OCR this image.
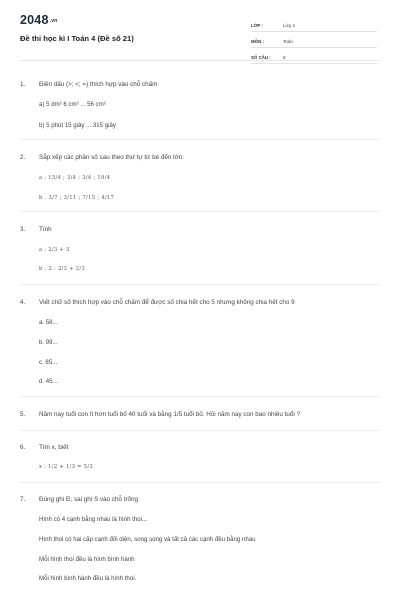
2048.vn
Đề thi học kì I Toán 4 (Đề số 21)
LỚP :	Lớp 4
MÔN :	Toán
SỐ CÂU :	8
1.	Điền dấu (>; <; =) thích hợp vào chỗ chấm
a) 5 dm² 6 cm² ... 56 cm²
b) 5 phút 15 giây ... 315 giây
2.	Sắp xếp các phân số sau theo thứ tự từ bé đến lớn:
a . 15/4 ; 3/4 ; 3/4 ; 19/4
b . 3/7 ; 3/11 ; 7/15 ; 4/17
3.	Tính
a . 2/3 + 3
b . 2 : 2/3 + 2/3
4.	Viết chữ số thích hợp vào chỗ chấm để được số chia hết cho 5 nhưng không chia hết cho 9
a. 58...
b. 99...
c. 85...
d. 45...
5.	Năm nay tuổi con ít hơn tuổi bố 40 tuổi và bằng 1/5 tuổi bố. Hỏi năm nay con bao nhiêu tuổi ?
6.	Tìm x, biết
x : 1/2 + 1/3 = 5/3
7.	Đúng ghi Đ, sai ghi S vào chỗ trống
Hình có 4 cạnh bằng nhau là hình thoi...
Hình thoi có hai cặp cạnh đối diện, song song và tất cả các cạnh đều bằng nhau
Mỗi hình thoi đều là hình bình hành
Mỗi hình bình hành đều là hình thoi.
